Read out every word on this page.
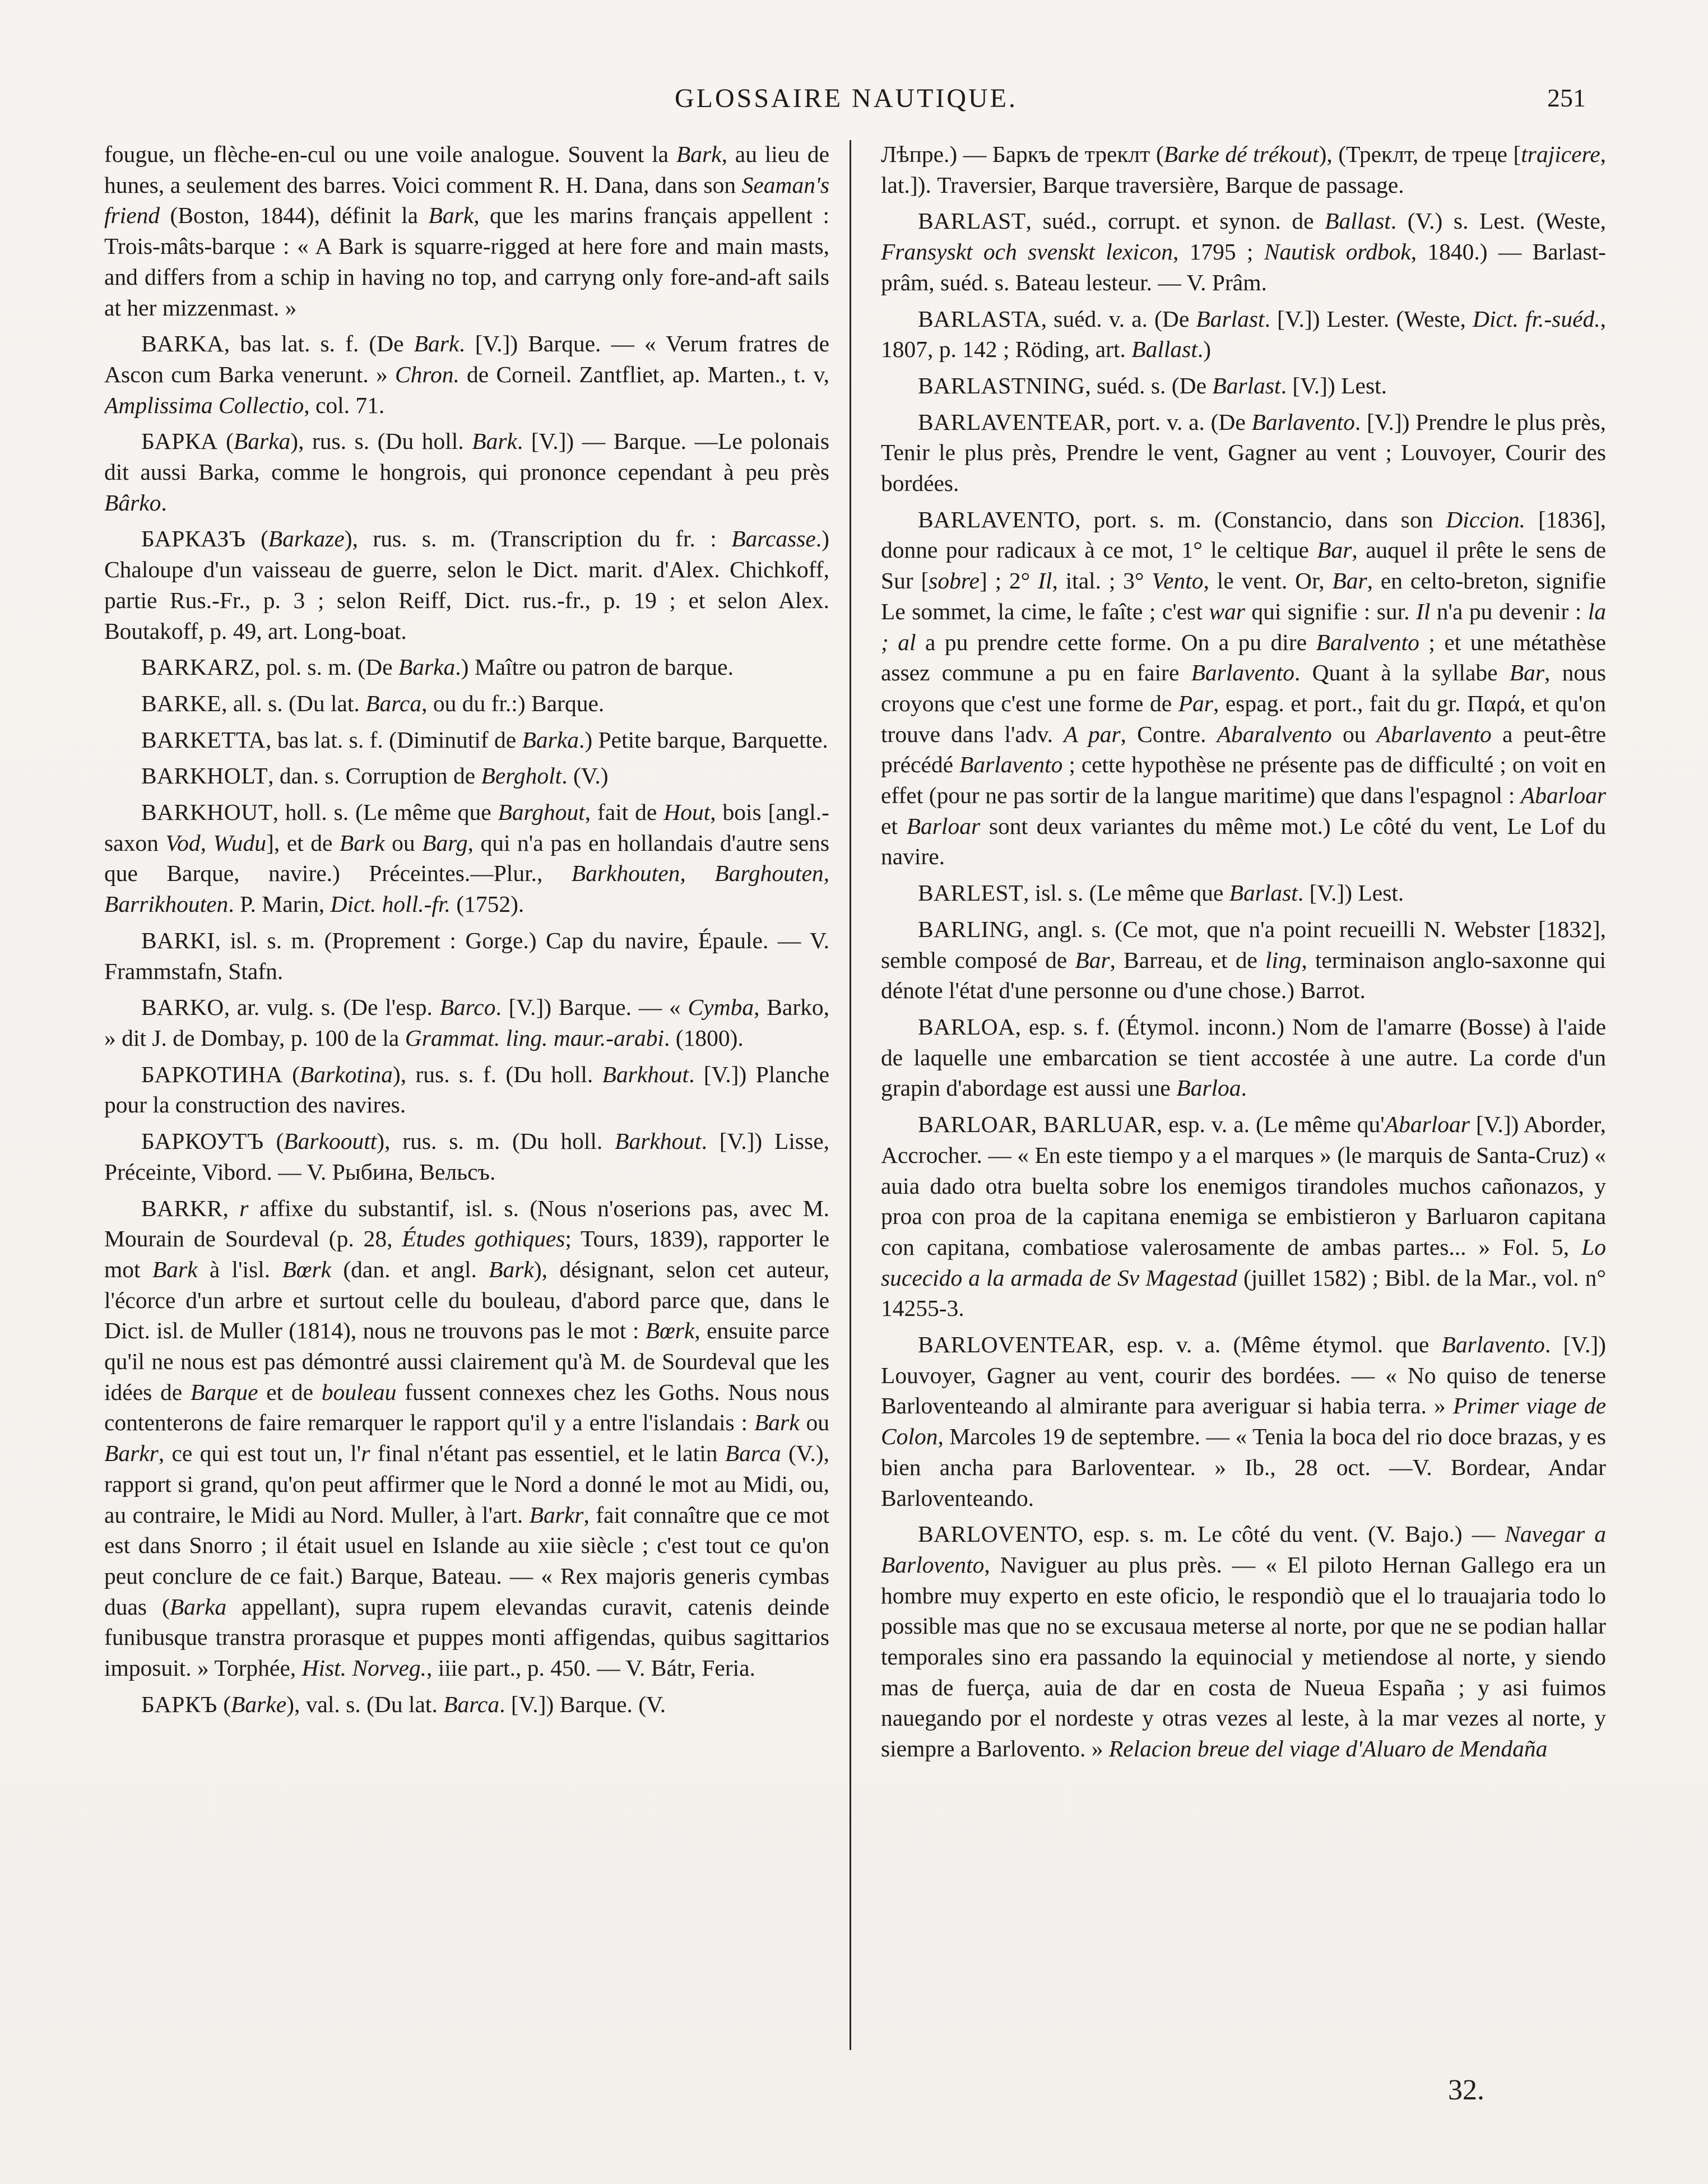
GLOSSAIRE NAUTIQUE.	251

fougue, un flèche-en-cul ou une voile analogue. Souvent la Bark, au lieu de hunes, a seulement des barres. Voici comment R. H. Dana, dans son Seaman's friend (Boston, 1844), définit la Bark, que les marins français appellent : Trois-mâts-barque : « A Bark is squarre-rigged at here fore and main masts, and differs from a schip in having no top, and carryng only fore-and-aft sails at her mizzenmast. »

BARKA, bas lat. s. f. (De Bark. [V.]) Barque. — « Verum fratres de Ascon cum Barka venerunt. » Chron. de Corneil. Zantfliet, ap. Marten., t. v, Amplissima Collectio, col. 71.

БАРКА (Barka), rus. s. (Du holl. Bark. [V.]) — Barque. —Le polonais dit aussi Barka, comme le hongrois, qui prononce cependant à peu près Bârko.

БАРКАЗЪ (Barkaze), rus. s. m. (Transcription du fr. : Barcasse.) Chaloupe d'un vaisseau de guerre, selon le Dict. marit. d'Alex. Chichkoff, partie Rus.-Fr., p. 3 ; selon Reiff, Dict. rus.-fr., p. 19 ; et selon Alex. Boutakoff, p. 49, art. Long-boat.

BARKARZ, pol. s. m. (De Barka.) Maître ou patron de barque.

BARKE, all. s. (Du lat. Barca, ou du fr.:) Barque.

BARKETTA, bas lat. s. f. (Diminutif de Barka.) Petite barque, Barquette.

BARKHOLT, dan. s. Corruption de Bergholt. (V.)

BARKHOUT, holl. s. (Le même que Barghout, fait de Hout, bois [angl.-saxon Vod, Wudu], et de Bark ou Barg, qui n'a pas en hollandais d'autre sens que Barque, navire.) Préceintes.—Plur., Barkhouten, Barghouten, Barrikhouten. P. Marin, Dict. holl.-fr. (1752).

BARKI, isl. s. m. (Proprement : Gorge.) Cap du navire, Épaule. — V. Frammstafn, Stafn.

BARKO, ar. vulg. s. (De l'esp. Barco. [V.]) Barque. — « Cymba, Barko, » dit J. de Dombay, p. 100 de la Grammat. ling. maur.-arabi. (1800).

БАРКОТИНА (Barkotina), rus. s. f. (Du holl. Barkhout. [V.]) Planche pour la construction des navires.

БАРКОУТЪ (Barkooutt), rus. s. m. (Du holl. Barkhout. [V.]) Lisse, Préceinte, Vibord. — V. Рыбина, Вельсъ.

BARKR, r affixe du substantif, isl. s. (Nous n'oserions pas, avec M. Mourain de Sourdeval (p. 28, Études gothiques; Tours, 1839), rapporter le mot Bark à l'isl. Bœrk (dan. et angl. Bark), désignant, selon cet auteur, l'écorce d'un arbre et surtout celle du bouleau, d'abord parce que, dans le Dict. isl. de Muller (1814), nous ne trouvons pas le mot : Bœrk, ensuite parce qu'il ne nous est pas démontré aussi clairement qu'à M. de Sourdeval que les idées de Barque et de bouleau fussent connexes chez les Goths. Nous nous contenterons de faire remarquer le rapport qu'il y a entre l'islandais : Bark ou Barkr, ce qui est tout un, l'r final n'étant pas essentiel, et le latin Barca (V.), rapport si grand, qu'on peut affirmer que le Nord a donné le mot au Midi, ou, au contraire, le Midi au Nord. Muller, à l'art. Barkr, fait connaître que ce mot est dans Snorro ; il était usuel en Islande au xiie siècle ; c'est tout ce qu'on peut conclure de ce fait.) Barque, Bateau. — « Rex majoris generis cymbas duas (Barka appellant), supra rupem elevandas curavit, catenis deinde funibusque transtra prorasque et puppes monti affigendas, quibus sagittarios imposuit. » Torphée, Hist. Norveg., iiie part., p. 450. — V. Bátr, Feria.

БАРКЪ (Barke), val. s. (Du lat. Barca. [V.]) Barque. (V.

Лѣпре.) — Баркъ de треклт (Barke dé trékout), (Треклт, de треце [trajicere, lat.]). Traversier, Barque traversière, Barque de passage.

BARLAST, suéd., corrupt. et synon. de Ballast. (V.) s. Lest. (Weste, Fransyskt och svenskt lexicon, 1795 ; Nautisk ordbok, 1840.) — Barlast-prâm, suéd. s. Bateau lesteur. — V. Prâm.

BARLASTA, suéd. v. a. (De Barlast. [V.]) Lester. (Weste, Dict. fr.-suéd., 1807, p. 142 ; Röding, art. Ballast.)

BARLASTNING, suéd. s. (De Barlast. [V.]) Lest.

BARLAVENTEAR, port. v. a. (De Barlavento. [V.]) Prendre le plus près, Tenir le plus près, Prendre le vent, Gagner au vent ; Louvoyer, Courir des bordées.

BARLAVENTO, port. s. m. (Constancio, dans son Diccion. [1836], donne pour radicaux à ce mot, 1° le celtique Bar, auquel il prête le sens de Sur [sobre] ; 2° Il, ital. ; 3° Vento, le vent. Or, Bar, en celto-breton, signifie Le sommet, la cime, le faîte ; c'est war qui signifie : sur. Il n'a pu devenir : la ; al a pu prendre cette forme. On a pu dire Baralvento ; et une métathèse assez commune a pu en faire Barlavento. Quant à la syllabe Bar, nous croyons que c'est une forme de Par, espag. et port., fait du gr. Παρά, et qu'on trouve dans l'adv. A par, Contre. Abaralvento ou Abarlavento a peut-être précédé Barlavento ; cette hypothèse ne présente pas de difficulté ; on voit en effet (pour ne pas sortir de la langue maritime) que dans l'espagnol : Abarloar et Barloar sont deux variantes du même mot.) Le côté du vent, Le Lof du navire.

BARLEST, isl. s. (Le même que Barlast. [V.]) Lest.

BARLING, angl. s. (Ce mot, que n'a point recueilli N. Webster [1832], semble composé de Bar, Barreau, et de ling, terminaison anglo-saxonne qui dénote l'état d'une personne ou d'une chose.) Barrot.

BARLOA, esp. s. f. (Étymol. inconn.) Nom de l'amarre (Bosse) à l'aide de laquelle une embarcation se tient accostée à une autre. La corde d'un grapin d'abordage est aussi une Barloa.

BARLOAR, BARLUAR, esp. v. a. (Le même qu'Abarloar [V.]) Aborder, Accrocher. — « En este tiempo y a el marques » (le marquis de Santa-Cruz) « auia dado otra buelta sobre los enemigos tirandoles muchos cañonazos, y proa con proa de la capitana enemiga se embistieron y Barluaron capitana con capitana, combatiose valerosamente de ambas partes... » Fol. 5, Lo sucecido a la armada de Sv Magestad (juillet 1582) ; Bibl. de la Mar., vol. n° 14255-3.

BARLOVENTEAR, esp. v. a. (Même étymol. que Barlavento. [V.]) Louvoyer, Gagner au vent, courir des bordées. — « No quiso de tenerse Barloventeando al almirante para averiguar si habia terra. » Primer viage de Colon, Marcoles 19 de septembre. — « Tenia la boca del rio doce brazas, y es bien ancha para Barloventear. » Ib., 28 oct. —V. Bordear, Andar Barloventeando.

BARLOVENTO, esp. s. m. Le côté du vent. (V. Bajo.) — Navegar a Barlovento, Naviguer au plus près. — « El piloto Hernan Gallego era un hombre muy experto en este oficio, le respondiò que el lo trauajaria todo lo possible mas que no se excusaua meterse al norte, por que ne se podian hallar temporales sino era passando la equinocial y metiendose al norte, y siendo mas de fuerça, auia de dar en costa de Nueua España ; y asi fuimos nauegando por el nordeste y otras vezes al leste, à la mar vezes al norte, y siempre a Barlovento. » Relacion breue del viage d'Aluaro de Mendaña

32.
